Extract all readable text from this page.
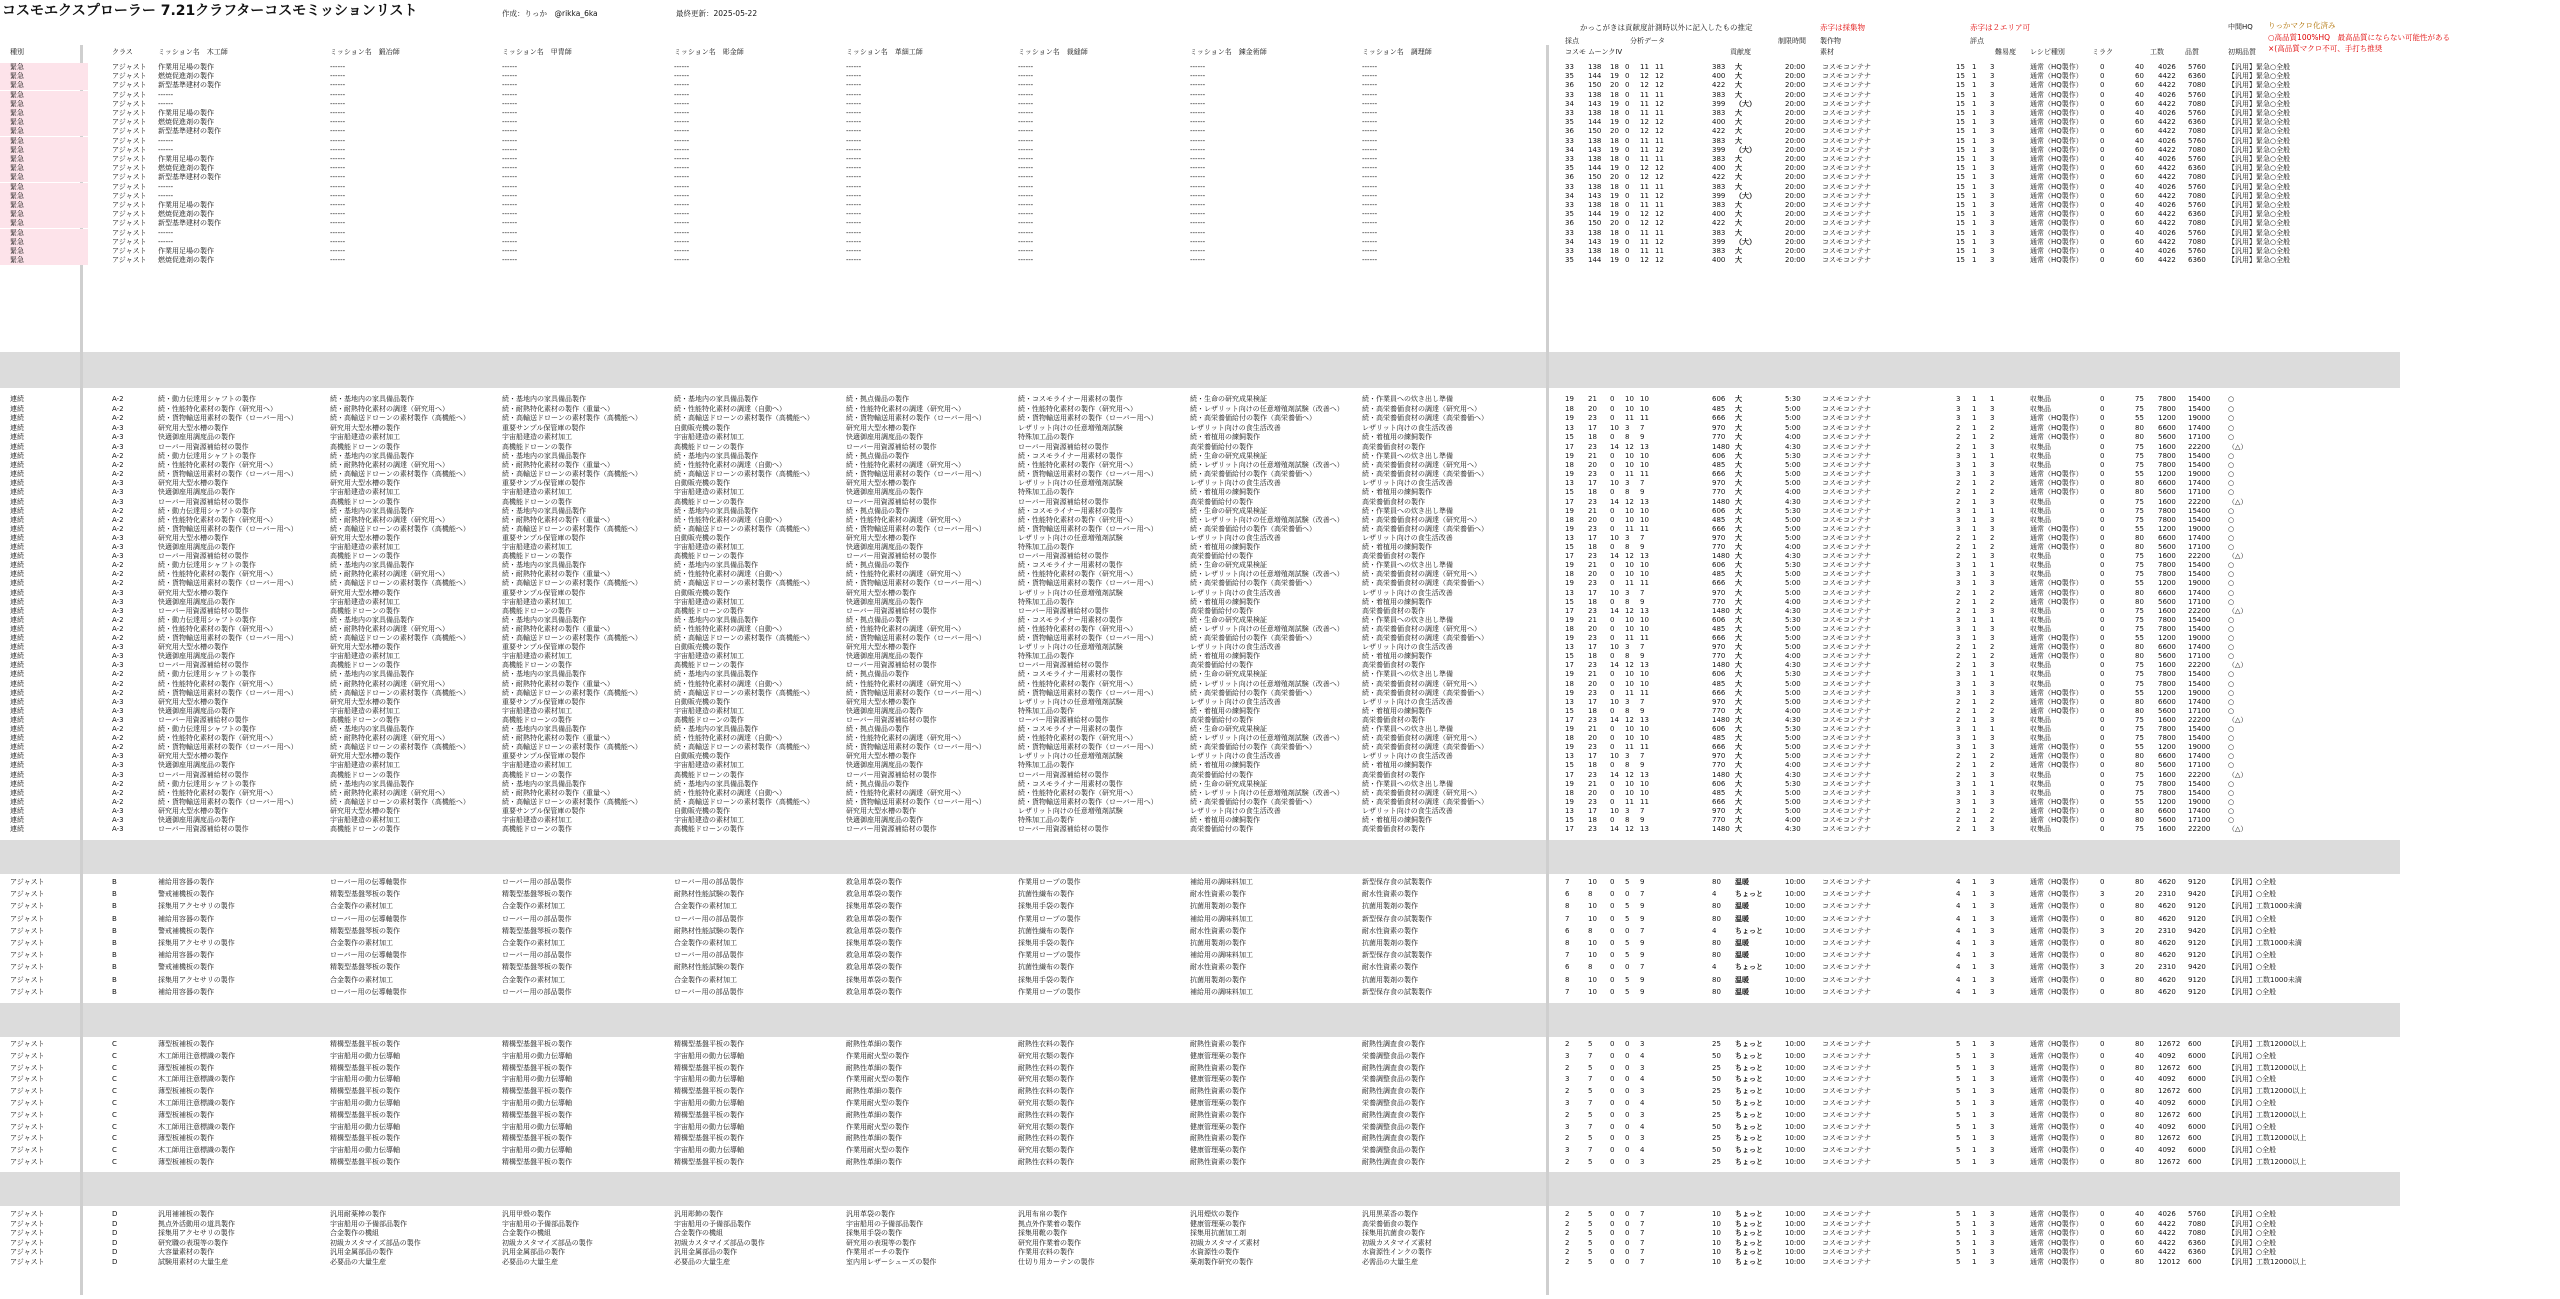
コスモエクスプローラー 7.21クラフターコスモミッションリスト	作成：りっか　@rikka_6ka	最終更新：2025-05-22
かっこがきは貢献度計測時以外に記入したもの推定	赤字は採集物	赤字は２エリア可	りっかマクロ化済み
○高品質100%HQ　最高品質にならない可能性がある
×(高品質マクロ不可、手打ち推奨
種別	クラス	ミッション名　木工師	ミッション名　鍛冶師	ミッション名　甲冑師	ミッション名　彫金師	ミッション名　革細工師	ミッション名　裁縫師	ミッション名　錬金術師	ミッション名　調理師	コスモ ムーンクIV
分析データ
採点
貢献度
制限時間
素材
製作物
難易度
評点
レシピ種別	ミラク	工数	品質
中間HQ
初期品質
緊急	アジャスト 作業用足場の製作	------	------	------	------	------	------	------	33 138 18 0 11 11	383 大	20:00 コスモコンテナ	15 1 3	通常（HQ製作） 0	40 4026 5760	【汎用】緊急○全般
緊急	アジャスト 燃焼促進剤の製作	------	------	------	------	------	------	------	35 144 19 0 12 12	400 大	20:00 コスモコンテナ	15 1 3	通常（HQ製作） 0	60 4422 6360	【汎用】緊急○全般
緊急	アジャスト 新型基準建材の製作	------	------	------	------	------	------	------	36 150 20 0 12 12	422 大	20:00 コスモコンテナ	15 1 3	通常（HQ製作） 0	60 4422 7080	【汎用】緊急○全般
緊急	アジャスト ------	------	------	------	------	------	------	------	33 138 18 0 11 11	383 大	20:00 コスモコンテナ	15 1 3	通常（HQ製作） 0	40 4026 5760	【汎用】緊急○全般
緊急	アジャスト ------	------	------	------	------	------	------	------	34 143 19 0 11 12	399 （大）	20:00 コスモコンテナ	15 1 3	通常（HQ製作） 0	60 4422 7080	【汎用】緊急○全般
緊急	アジャスト 作業用足場の製作	------	------	------	------	------	------	------	33 138 18 0 11 11	383 大	20:00 コスモコンテナ	15 1 3	通常（HQ製作） 0	40 4026 5760	【汎用】緊急○全般
緊急	アジャスト 燃焼促進剤の製作	------	------	------	------	------	------	------	35 144 19 0 12 12	400 大	20:00 コスモコンテナ	15 1 3	通常（HQ製作） 0	60 4422 6360	【汎用】緊急○全般
緊急	アジャスト 新型基準建材の製作	------	------	------	------	------	------	------	36 150 20 0 12 12	422 大	20:00 コスモコンテナ	15 1 3	通常（HQ製作） 0	60 4422 7080	【汎用】緊急○全般
緊急	アジャスト ------	------	------	------	------	------	------	------	33 138 18 0 11 11	383 大	20:00 コスモコンテナ	15 1 3	通常（HQ製作） 0	40 4026 5760	【汎用】緊急○全般
緊急	アジャスト ------	------	------	------	------	------	------	------	34 143 19 0 11 12	399 （大）	20:00 コスモコンテナ	15 1 3	通常（HQ製作） 0	60 4422 7080	【汎用】緊急○全般
緊急	アジャスト 作業用足場の製作	------	------	------	------	------	------	------	33 138 18 0 11 11	383 大	20:00 コスモコンテナ	15 1 3	通常（HQ製作） 0	40 4026 5760	【汎用】緊急○全般
緊急	アジャスト 燃焼促進剤の製作	------	------	------	------	------	------	------	35 144 19 0 12 12	400 大	20:00 コスモコンテナ	15 1 3	通常（HQ製作） 0	60 4422 6360	【汎用】緊急○全般
緊急	アジャスト 新型基準建材の製作	------	------	------	------	------	------	------	36 150 20 0 12 12	422 大	20:00 コスモコンテナ	15 1 3	通常（HQ製作） 0	60 4422 7080	【汎用】緊急○全般
緊急	アジャスト ------	------	------	------	------	------	------	------	33 138 18 0 11 11	383 大	20:00 コスモコンテナ	15 1 3	通常（HQ製作） 0	40 4026 5760	【汎用】緊急○全般
緊急	アジャスト ------	------	------	------	------	------	------	------	34 143 19 0 11 12	399 （大）	20:00 コスモコンテナ	15 1 3	通常（HQ製作） 0	60 4422 7080	【汎用】緊急○全般
緊急	アジャスト 作業用足場の製作	------	------	------	------	------	------	------	33 138 18 0 11 11	383 大	20:00 コスモコンテナ	15 1 3	通常（HQ製作） 0	40 4026 5760	【汎用】緊急○全般
緊急	アジャスト 燃焼促進剤の製作	------	------	------	------	------	------	------	35 144 19 0 12 12	400 大	20:00 コスモコンテナ	15 1 3	通常（HQ製作） 0	60 4422 6360	【汎用】緊急○全般
緊急	アジャスト 新型基準建材の製作	------	------	------	------	------	------	------	36 150 20 0 12 12	422 大	20:00 コスモコンテナ	15 1 3	通常（HQ製作） 0	60 4422 7080	【汎用】緊急○全般
緊急	アジャスト ------	------	------	------	------	------	------	------	33 138 18 0 11 11	383 大	20:00 コスモコンテナ	15 1 3	通常（HQ製作） 0	40 4026 5760	【汎用】緊急○全般
緊急	アジャスト ------	------	------	------	------	------	------	------	34 143 19 0 11 12	399 （大）	20:00 コスモコンテナ	15 1 3	通常（HQ製作） 0	60 4422 7080	【汎用】緊急○全般
緊急	アジャスト 作業用足場の製作	------	------	------	------	------	------	------	33 138 18 0 11 11	383 大	20:00 コスモコンテナ	15 1 3	通常（HQ製作） 0	40 4026 5760	【汎用】緊急○全般
緊急	アジャスト 燃焼促進剤の製作	------	------	------	------	------	------	------	35 144 19 0 12 12	400 大	20:00 コスモコンテナ	15 1 3	通常（HQ製作） 0	60 4422 6360	【汎用】緊急○全般
連続	A-2	続・動力伝達用シャフトの製作	続・基地内の家具備品製作	続・基地内の家具備品製作	続・基地内の家具備品製作	続・拠点備品の製作	続・コスモライナー用素材の製作	続・生命の研究成果検証	続・作業員への炊き出し準備	19 21 0 10 10	606 大	5:30	コスモコンテナ	3 1 1	収集品	0	75 7800 15400	○
連続	A-2	続・性能特化素材の製作（研究用へ）	続・耐熱特化素材の調達（研究用へ）	続・耐熱特化素材の製作（重量へ）	続・性能特化素材の調達（自動へ）	続・性能特化素材の調達（研究用へ）	続・性能特化素材の製作（研究用へ）	続・レザリット向けの任意増殖剤試験（改善へ）	続・高栄養価食材の調達（研究用へ）	18 20 0 10 10	485 大	5:00	コスモコンテナ	3 1 3	収集品	0	75 7800 15400	○
連続	A-2	続・貨物輸送用素材の製作（ローバー用へ）	続・高輸送ドローンの素材製作（高機能へ）	続・高輸送ドローンの素材製作（高機能へ）	続・高輸送ドローンの素材製作（高機能へ）	続・貨物輸送用素材の製作（ローバー用へ）	続・貨物輸送用素材の製作（ローバー用へ）	続・高栄養価給付の製作（高栄養価へ）	続・高栄養価食材の調達（高栄養価へ）	19 23 0 11 11	666 大	5:00	コスモコンテナ	3 1 3	通常（HQ製作） 0	55 1200 19000	○
連続	A-3	研究用大型水槽の製作	研究用大型水槽の製作	重要サンプル保管庫の製作	自動販売機の製作	研究用大型水槽の製作	レザリット向けの任意増殖剤試験	レザリット向けの食生活改善	レザリット向けの食生活改善	13 17 10 3 7	970 大	5:00	コスモコンテナ	2 1 2	通常（HQ製作） 0	80 6600 17400	○
連続	A-3	快適御座用調度品の製作	宇宙船建造の素材加工	宇宙船建造の素材加工	宇宙船建造の素材加工	快適御座用調度品の製作	特殊加工品の製作	続・着植用の練飼製作	続・着植用の練飼製作	15 18 0 8 9	770 大	4:00	コスモコンテナ	2 1 2	通常（HQ製作） 0	80 5600 17100	○
連続	A-3	ローバー用資源補給材の製作	高機能ドローンの製作	高機能ドローンの製作	高機能ドローンの製作	ローバー用資源補給材の製作	ローバー用資源補給材の製作	高栄養価給付の製作	高栄養価食材の製作	17 23 14 12 13	1480 大	4:30	コスモコンテナ	2 1 3	収集品	0	75 1600 22200	（△）
連続	A-2	続・動力伝達用シャフトの製作	続・基地内の家具備品製作	続・基地内の家具備品製作	続・基地内の家具備品製作	続・拠点備品の製作	続・コスモライナー用素材の製作	続・生命の研究成果検証	続・作業員への炊き出し準備	19 21 0 10 10	606 大	5:30	コスモコンテナ	3 1 1	収集品	0	75 7800 15400	○
連続	A-2	続・性能特化素材の製作（研究用へ）	続・耐熱特化素材の調達（研究用へ）	続・耐熱特化素材の製作（重量へ）	続・性能特化素材の調達（自動へ）	続・性能特化素材の調達（研究用へ）	続・性能特化素材の製作（研究用へ）	続・レザリット向けの任意増殖剤試験（改善へ）	続・高栄養価食材の調達（研究用へ）	18 20 0 10 10	485 大	5:00	コスモコンテナ	3 1 3	収集品	0	75 7800 15400	○
連続	A-2	続・貨物輸送用素材の製作（ローバー用へ）	続・高輸送ドローンの素材製作（高機能へ）	続・高輸送ドローンの素材製作（高機能へ）	続・高輸送ドローンの素材製作（高機能へ）	続・貨物輸送用素材の製作（ローバー用へ）	続・貨物輸送用素材の製作（ローバー用へ）	続・高栄養価給付の製作（高栄養価へ）	続・高栄養価食材の調達（高栄養価へ）	19 23 0 11 11	666 大	5:00	コスモコンテナ	3 1 3	通常（HQ製作） 0	55 1200 19000	○
連続	A-3	研究用大型水槽の製作	研究用大型水槽の製作	重要サンプル保管庫の製作	自動販売機の製作	研究用大型水槽の製作	レザリット向けの任意増殖剤試験	レザリット向けの食生活改善	レザリット向けの食生活改善	13 17 10 3 7	970 大	5:00	コスモコンテナ	2 1 2	通常（HQ製作） 0	80 6600 17400	○
連続	A-3	快適御座用調度品の製作	宇宙船建造の素材加工	宇宙船建造の素材加工	宇宙船建造の素材加工	快適御座用調度品の製作	特殊加工品の製作	続・着植用の練飼製作	続・着植用の練飼製作	15 18 0 8 9	770 大	4:00	コスモコンテナ	2 1 2	通常（HQ製作） 0	80 5600 17100	○
連続	A-3	ローバー用資源補給材の製作	高機能ドローンの製作	高機能ドローンの製作	高機能ドローンの製作	ローバー用資源補給材の製作	ローバー用資源補給材の製作	高栄養価給付の製作	高栄養価食材の製作	17 23 14 12 13	1480 大	4:30	コスモコンテナ	2 1 3	収集品	0	75 1600 22200	（△）
連続	A-2	続・動力伝達用シャフトの製作	続・基地内の家具備品製作	続・基地内の家具備品製作	続・基地内の家具備品製作	続・拠点備品の製作	続・コスモライナー用素材の製作	続・生命の研究成果検証	続・作業員への炊き出し準備	19 21 0 10 10	606 大	5:30	コスモコンテナ	3 1 1	収集品	0	75 7800 15400	○
連続	A-2	続・性能特化素材の製作（研究用へ）	続・耐熱特化素材の調達（研究用へ）	続・耐熱特化素材の製作（重量へ）	続・性能特化素材の調達（自動へ）	続・性能特化素材の調達（研究用へ）	続・性能特化素材の製作（研究用へ）	続・レザリット向けの任意増殖剤試験（改善へ）	続・高栄養価食材の調達（研究用へ）	18 20 0 10 10	485 大	5:00	コスモコンテナ	3 1 3	収集品	0	75 7800 15400	○
連続	A-2	続・貨物輸送用素材の製作（ローバー用へ）	続・高輸送ドローンの素材製作（高機能へ）	続・高輸送ドローンの素材製作（高機能へ）	続・高輸送ドローンの素材製作（高機能へ）	続・貨物輸送用素材の製作（ローバー用へ）	続・貨物輸送用素材の製作（ローバー用へ）	続・高栄養価給付の製作（高栄養価へ）	続・高栄養価食材の調達（高栄養価へ）	19 23 0 11 11	666 大	5:00	コスモコンテナ	3 1 3	通常（HQ製作） 0	55 1200 19000	○
連続	A-3	研究用大型水槽の製作	研究用大型水槽の製作	重要サンプル保管庫の製作	自動販売機の製作	研究用大型水槽の製作	レザリット向けの任意増殖剤試験	レザリット向けの食生活改善	レザリット向けの食生活改善	13 17 10 3 7	970 大	5:00	コスモコンテナ	2 1 2	通常（HQ製作） 0	80 6600 17400	○
連続	A-3	快適御座用調度品の製作	宇宙船建造の素材加工	宇宙船建造の素材加工	宇宙船建造の素材加工	快適御座用調度品の製作	特殊加工品の製作	続・着植用の練飼製作	続・着植用の練飼製作	15 18 0 8 9	770 大	4:00	コスモコンテナ	2 1 2	通常（HQ製作） 0	80 5600 17100	○
連続	A-3	ローバー用資源補給材の製作	高機能ドローンの製作	高機能ドローンの製作	高機能ドローンの製作	ローバー用資源補給材の製作	ローバー用資源補給材の製作	高栄養価給付の製作	高栄養価食材の製作	17 23 14 12 13	1480 大	4:30	コスモコンテナ	2 1 3	収集品	0	75 1600 22200	（△）
連続	A-2	続・動力伝達用シャフトの製作	続・基地内の家具備品製作	続・基地内の家具備品製作	続・基地内の家具備品製作	続・拠点備品の製作	続・コスモライナー用素材の製作	続・生命の研究成果検証	続・作業員への炊き出し準備	19 21 0 10 10	606 大	5:30	コスモコンテナ	3 1 1	収集品	0	75 7800 15400	○
連続	A-2	続・性能特化素材の製作（研究用へ）	続・耐熱特化素材の調達（研究用へ）	続・耐熱特化素材の製作（重量へ）	続・性能特化素材の調達（自動へ）	続・性能特化素材の調達（研究用へ）	続・性能特化素材の製作（研究用へ）	続・レザリット向けの任意増殖剤試験（改善へ）	続・高栄養価食材の調達（研究用へ）	18 20 0 10 10	485 大	5:00	コスモコンテナ	3 1 3	収集品	0	75 7800 15400	○
連続	A-2	続・貨物輸送用素材の製作（ローバー用へ）	続・高輸送ドローンの素材製作（高機能へ）	続・高輸送ドローンの素材製作（高機能へ）	続・高輸送ドローンの素材製作（高機能へ）	続・貨物輸送用素材の製作（ローバー用へ）	続・貨物輸送用素材の製作（ローバー用へ）	続・高栄養価給付の製作（高栄養価へ）	続・高栄養価食材の調達（高栄養価へ）	19 23 0 11 11	666 大	5:00	コスモコンテナ	3 1 3	通常（HQ製作） 0	55 1200 19000	○
連続	A-3	研究用大型水槽の製作	研究用大型水槽の製作	重要サンプル保管庫の製作	自動販売機の製作	研究用大型水槽の製作	レザリット向けの任意増殖剤試験	レザリット向けの食生活改善	レザリット向けの食生活改善	13 17 10 3 7	970 大	5:00	コスモコンテナ	2 1 2	通常（HQ製作） 0	80 6600 17400	○
連続	A-3	快適御座用調度品の製作	宇宙船建造の素材加工	宇宙船建造の素材加工	宇宙船建造の素材加工	快適御座用調度品の製作	特殊加工品の製作	続・着植用の練飼製作	続・着植用の練飼製作	15 18 0 8 9	770 大	4:00	コスモコンテナ	2 1 2	通常（HQ製作） 0	80 5600 17100	○
連続	A-3	ローバー用資源補給材の製作	高機能ドローンの製作	高機能ドローンの製作	高機能ドローンの製作	ローバー用資源補給材の製作	ローバー用資源補給材の製作	高栄養価給付の製作	高栄養価食材の製作	17 23 14 12 13	1480 大	4:30	コスモコンテナ	2 1 3	収集品	0	75 1600 22200	（△）
連続	A-2	続・動力伝達用シャフトの製作	続・基地内の家具備品製作	続・基地内の家具備品製作	続・基地内の家具備品製作	続・拠点備品の製作	続・コスモライナー用素材の製作	続・生命の研究成果検証	続・作業員への炊き出し準備	19 21 0 10 10	606 大	5:30	コスモコンテナ	3 1 1	収集品	0	75 7800 15400	○
連続	A-2	続・性能特化素材の製作（研究用へ）	続・耐熱特化素材の調達（研究用へ）	続・耐熱特化素材の製作（重量へ）	続・性能特化素材の調達（自動へ）	続・性能特化素材の調達（研究用へ）	続・性能特化素材の製作（研究用へ）	続・レザリット向けの任意増殖剤試験（改善へ）	続・高栄養価食材の調達（研究用へ）	18 20 0 10 10	485 大	5:00	コスモコンテナ	3 1 3	収集品	0	75 7800 15400	○
連続	A-2	続・貨物輸送用素材の製作（ローバー用へ）	続・高輸送ドローンの素材製作（高機能へ）	続・高輸送ドローンの素材製作（高機能へ）	続・高輸送ドローンの素材製作（高機能へ）	続・貨物輸送用素材の製作（ローバー用へ）	続・貨物輸送用素材の製作（ローバー用へ）	続・高栄養価給付の製作（高栄養価へ）	続・高栄養価食材の調達（高栄養価へ）	19 23 0 11 11	666 大	5:00	コスモコンテナ	3 1 3	通常（HQ製作） 0	55 1200 19000	○
連続	A-3	研究用大型水槽の製作	研究用大型水槽の製作	重要サンプル保管庫の製作	自動販売機の製作	研究用大型水槽の製作	レザリット向けの任意増殖剤試験	レザリット向けの食生活改善	レザリット向けの食生活改善	13 17 10 3 7	970 大	5:00	コスモコンテナ	2 1 2	通常（HQ製作） 0	80 6600 17400	○
連続	A-3	快適御座用調度品の製作	宇宙船建造の素材加工	宇宙船建造の素材加工	宇宙船建造の素材加工	快適御座用調度品の製作	特殊加工品の製作	続・着植用の練飼製作	続・着植用の練飼製作	15 18 0 8 9	770 大	4:00	コスモコンテナ	2 1 2	通常（HQ製作） 0	80 5600 17100	○
連続	A-3	ローバー用資源補給材の製作	高機能ドローンの製作	高機能ドローンの製作	高機能ドローンの製作	ローバー用資源補給材の製作	ローバー用資源補給材の製作	高栄養価給付の製作	高栄養価食材の製作	17 23 14 12 13	1480 大	4:30	コスモコンテナ	2 1 3	収集品	0	75 1600 22200	（△）
連続	A-2	続・動力伝達用シャフトの製作	続・基地内の家具備品製作	続・基地内の家具備品製作	続・基地内の家具備品製作	続・拠点備品の製作	続・コスモライナー用素材の製作	続・生命の研究成果検証	続・作業員への炊き出し準備	19 21 0 10 10	606 大	5:30	コスモコンテナ	3 1 1	収集品	0	75 7800 15400	○
連続	A-2	続・性能特化素材の製作（研究用へ）	続・耐熱特化素材の調達（研究用へ）	続・耐熱特化素材の製作（重量へ）	続・性能特化素材の調達（自動へ）	続・性能特化素材の調達（研究用へ）	続・性能特化素材の製作（研究用へ）	続・レザリット向けの任意増殖剤試験（改善へ）	続・高栄養価食材の調達（研究用へ）	18 20 0 10 10	485 大	5:00	コスモコンテナ	3 1 3	収集品	0	75 7800 15400	○
連続	A-2	続・貨物輸送用素材の製作（ローバー用へ）	続・高輸送ドローンの素材製作（高機能へ）	続・高輸送ドローンの素材製作（高機能へ）	続・高輸送ドローンの素材製作（高機能へ）	続・貨物輸送用素材の製作（ローバー用へ）	続・貨物輸送用素材の製作（ローバー用へ）	続・高栄養価給付の製作（高栄養価へ）	続・高栄養価食材の調達（高栄養価へ）	19 23 0 11 11	666 大	5:00	コスモコンテナ	3 1 3	通常（HQ製作） 0	55 1200 19000	○
連続	A-3	研究用大型水槽の製作	研究用大型水槽の製作	重要サンプル保管庫の製作	自動販売機の製作	研究用大型水槽の製作	レザリット向けの任意増殖剤試験	レザリット向けの食生活改善	レザリット向けの食生活改善	13 17 10 3 7	970 大	5:00	コスモコンテナ	2 1 2	通常（HQ製作） 0	80 6600 17400	○
連続	A-3	快適御座用調度品の製作	宇宙船建造の素材加工	宇宙船建造の素材加工	宇宙船建造の素材加工	快適御座用調度品の製作	特殊加工品の製作	続・着植用の練飼製作	続・着植用の練飼製作	15 18 0 8 9	770 大	4:00	コスモコンテナ	2 1 2	通常（HQ製作） 0	80 5600 17100	○
連続	A-3	ローバー用資源補給材の製作	高機能ドローンの製作	高機能ドローンの製作	高機能ドローンの製作	ローバー用資源補給材の製作	ローバー用資源補給材の製作	高栄養価給付の製作	高栄養価食材の製作	17 23 14 12 13	1480 大	4:30	コスモコンテナ	2 1 3	収集品	0	75 1600 22200	（△）
連続	A-2	続・動力伝達用シャフトの製作	続・基地内の家具備品製作	続・基地内の家具備品製作	続・基地内の家具備品製作	続・拠点備品の製作	続・コスモライナー用素材の製作	続・生命の研究成果検証	続・作業員への炊き出し準備	19 21 0 10 10	606 大	5:30	コスモコンテナ	3 1 1	収集品	0	75 7800 15400	○
連続	A-2	続・性能特化素材の製作（研究用へ）	続・耐熱特化素材の調達（研究用へ）	続・耐熱特化素材の製作（重量へ）	続・性能特化素材の調達（自動へ）	続・性能特化素材の調達（研究用へ）	続・性能特化素材の製作（研究用へ）	続・レザリット向けの任意増殖剤試験（改善へ）	続・高栄養価食材の調達（研究用へ）	18 20 0 10 10	485 大	5:00	コスモコンテナ	3 1 3	収集品	0	75 7800 15400	○
連続	A-2	続・貨物輸送用素材の製作（ローバー用へ）	続・高輸送ドローンの素材製作（高機能へ）	続・高輸送ドローンの素材製作（高機能へ）	続・高輸送ドローンの素材製作（高機能へ）	続・貨物輸送用素材の製作（ローバー用へ）	続・貨物輸送用素材の製作（ローバー用へ）	続・高栄養価給付の製作（高栄養価へ）	続・高栄養価食材の調達（高栄養価へ）	19 23 0 11 11	666 大	5:00	コスモコンテナ	3 1 3	通常（HQ製作） 0	55 1200 19000	○
連続	A-3	研究用大型水槽の製作	研究用大型水槽の製作	重要サンプル保管庫の製作	自動販売機の製作	研究用大型水槽の製作	レザリット向けの任意増殖剤試験	レザリット向けの食生活改善	レザリット向けの食生活改善	13 17 10 3 7	970 大	5:00	コスモコンテナ	2 1 2	通常（HQ製作） 0	80 6600 17400	○
連続	A-3	快適御座用調度品の製作	宇宙船建造の素材加工	宇宙船建造の素材加工	宇宙船建造の素材加工	快適御座用調度品の製作	特殊加工品の製作	続・着植用の練飼製作	続・着植用の練飼製作	15 18 0 8 9	770 大	4:00	コスモコンテナ	2 1 2	通常（HQ製作） 0	80 5600 17100	○
連続	A-3	ローバー用資源補給材の製作	高機能ドローンの製作	高機能ドローンの製作	高機能ドローンの製作	ローバー用資源補給材の製作	ローバー用資源補給材の製作	高栄養価給付の製作	高栄養価食材の製作	17 23 14 12 13	1480 大	4:30	コスモコンテナ	2 1 3	収集品	0	75 1600 22200	（△）
連続	A-2	続・動力伝達用シャフトの製作	続・基地内の家具備品製作	続・基地内の家具備品製作	続・基地内の家具備品製作	続・拠点備品の製作	続・コスモライナー用素材の製作	続・生命の研究成果検証	続・作業員への炊き出し準備	19 21 0 10 10	606 大	5:30	コスモコンテナ	3 1 1	収集品	0	75 7800 15400	○
連続	A-2	続・性能特化素材の製作（研究用へ）	続・耐熱特化素材の調達（研究用へ）	続・耐熱特化素材の製作（重量へ）	続・性能特化素材の調達（自動へ）	続・性能特化素材の調達（研究用へ）	続・性能特化素材の製作（研究用へ）	続・レザリット向けの任意増殖剤試験（改善へ）	続・高栄養価食材の調達（研究用へ）	18 20 0 10 10	485 大	5:00	コスモコンテナ	3 1 3	収集品	0	75 7800 15400	○
連続	A-2	続・貨物輸送用素材の製作（ローバー用へ）	続・高輸送ドローンの素材製作（高機能へ）	続・高輸送ドローンの素材製作（高機能へ）	続・高輸送ドローンの素材製作（高機能へ）	続・貨物輸送用素材の製作（ローバー用へ）	続・貨物輸送用素材の製作（ローバー用へ）	続・高栄養価給付の製作（高栄養価へ）	続・高栄養価食材の調達（高栄養価へ）	19 23 0 11 11	666 大	5:00	コスモコンテナ	3 1 3	通常（HQ製作） 0	55 1200 19000	○
連続	A-3	研究用大型水槽の製作	研究用大型水槽の製作	重要サンプル保管庫の製作	自動販売機の製作	研究用大型水槽の製作	レザリット向けの任意増殖剤試験	レザリット向けの食生活改善	レザリット向けの食生活改善	13 17 10 3 7	970 大	5:00	コスモコンテナ	2 1 2	通常（HQ製作） 0	80 6600 17400	○
連続	A-3	快適御座用調度品の製作	宇宙船建造の素材加工	宇宙船建造の素材加工	宇宙船建造の素材加工	快適御座用調度品の製作	特殊加工品の製作	続・着植用の練飼製作	続・着植用の練飼製作	15 18 0 8 9	770 大	4:00	コスモコンテナ	2 1 2	通常（HQ製作） 0	80 5600 17100	○
連続	A-3	ローバー用資源補給材の製作	高機能ドローンの製作	高機能ドローンの製作	高機能ドローンの製作	ローバー用資源補給材の製作	ローバー用資源補給材の製作	高栄養価給付の製作	高栄養価食材の製作	17 23 14 12 13	1480 大	4:30	コスモコンテナ	2 1 3	収集品	0	75 1600 22200	（△）
アジャスト	B	補給用容器の製作	ローバー用の伝導軸製作	ローバー用の部品製作	ローバー用の部品製作	救急用革袋の製作	作業用ロープの製作	補給用の調味料加工	新型保存食の試製製作	7	10 0 5 9	80 温暖	10:00 コスモコンテナ	4 1 3	通常（HQ製作） 0	80 4620 9120	【汎用】○全般
アジャスト	B	警戒補機板の製作	精製型基盤琴板の製作	精製型基盤琴板の製作	耐熱材性能試験の製作	救急用革袋の製作	抗菌性繊布の製作	耐水性資素の製作	耐水性資素の製作	6	8	0 0 7	4	ちょっと	10:00 コスモコンテナ	4 1 3	通常（HQ製作） 3	20 2310 9420	【汎用】○全般
アジャスト	B	採集用アクセサリの製作	合金製作の素材加工	合金製作の素材加工	合金製作の素材加工	採集用革袋の製作	採集用手袋の製作	抗菌用製剤の製作	抗菌用製剤の製作	8	10 0 5 9	80 温暖	10:00 コスモコンテナ	4 1 3	通常（HQ製作） 0	80 4620 9120	【汎用】工数1000未満
アジャスト	B	補給用容器の製作	ローバー用の伝導軸製作	ローバー用の部品製作	ローバー用の部品製作	救急用革袋の製作	作業用ロープの製作	補給用の調味料加工	新型保存食の試製製作	7	10 0 5 9	80 温暖	10:00 コスモコンテナ	4 1 3	通常（HQ製作） 0	80 4620 9120	【汎用】○全般
アジャスト	B	警戒補機板の製作	精製型基盤琴板の製作	精製型基盤琴板の製作	耐熱材性能試験の製作	救急用革袋の製作	抗菌性繊布の製作	耐水性資素の製作	耐水性資素の製作	6	8	0 0 7	4	ちょっと	10:00 コスモコンテナ	4 1 3	通常（HQ製作） 3	20 2310 9420	【汎用】○全般
アジャスト	B	採集用アクセサリの製作	合金製作の素材加工	合金製作の素材加工	合金製作の素材加工	採集用革袋の製作	採集用手袋の製作	抗菌用製剤の製作	抗菌用製剤の製作	8	10 0 5 9	80 温暖	10:00 コスモコンテナ	4 1 3	通常（HQ製作） 0	80 4620 9120	【汎用】工数1000未満
アジャスト	B	補給用容器の製作	ローバー用の伝導軸製作	ローバー用の部品製作	ローバー用の部品製作	救急用革袋の製作	作業用ロープの製作	補給用の調味料加工	新型保存食の試製製作	7	10 0 5 9	80 温暖	10:00 コスモコンテナ	4 1 3	通常（HQ製作） 0	80 4620 9120	【汎用】○全般
アジャスト	B	警戒補機板の製作	精製型基盤琴板の製作	精製型基盤琴板の製作	耐熱材性能試験の製作	救急用革袋の製作	抗菌性繊布の製作	耐水性資素の製作	耐水性資素の製作	6	8	0 0 7	4	ちょっと	10:00 コスモコンテナ	4 1 3	通常（HQ製作） 3	20 2310 9420	【汎用】○全般
アジャスト	B	採集用アクセサリの製作	合金製作の素材加工	合金製作の素材加工	合金製作の素材加工	採集用革袋の製作	採集用手袋の製作	抗菌用製剤の製作	抗菌用製剤の製作	8	10 0 5 9	80 温暖	10:00 コスモコンテナ	4 1 3	通常（HQ製作） 0	80 4620 9120	【汎用】工数1000未満
アジャスト	B	補給用容器の製作	ローバー用の伝導軸製作	ローバー用の部品製作	ローバー用の部品製作	救急用革袋の製作	作業用ロープの製作	補給用の調味料加工	新型保存食の試製製作	7	10 0 5 9	80 温暖	10:00 コスモコンテナ	4 1 3	通常（HQ製作） 0	80 4620 9120	【汎用】○全般
アジャスト	C	薄型板補板の製作	精構型基盤平板の製作	精構型基盤平板の製作	精構型基盤平板の製作	耐熱性革細の製作	耐熱性衣料の製作	耐熱性資素の製作	耐熱性調査食の製作	2	5	0 0 3	25 ちょっと	10:00 コスモコンテナ	5 1 3	通常（HQ製作） 0	80 12672 600	【汎用】工数12000以上
アジャスト	C	木工師用注意標識の製作	宇宙船用の動力伝導軸	宇宙船用の動力伝導軸	宇宙船用の動力伝導軸	作業用耐火型の製作	研究用衣類の製作	健康管理薬の製作	栄養調整食品の製作	3	7	0 0 4	50 ちょっと	10:00 コスモコンテナ	5 1 3	通常（HQ製作） 0	40 4092 6000	【汎用】○全般
アジャスト	C	薄型板補板の製作	精構型基盤平板の製作	精構型基盤平板の製作	精構型基盤平板の製作	耐熱性革細の製作	耐熱性衣料の製作	耐熱性資素の製作	耐熱性調査食の製作	2	5	0 0 3	25 ちょっと	10:00 コスモコンテナ	5 1 3	通常（HQ製作） 0	80 12672 600	【汎用】工数12000以上
アジャスト	C	木工師用注意標識の製作	宇宙船用の動力伝導軸	宇宙船用の動力伝導軸	宇宙船用の動力伝導軸	作業用耐火型の製作	研究用衣類の製作	健康管理薬の製作	栄養調整食品の製作	3	7	0 0 4	50 ちょっと	10:00 コスモコンテナ	5 1 3	通常（HQ製作） 0	40 4092 6000	【汎用】○全般
アジャスト	C	薄型板補板の製作	精構型基盤平板の製作	精構型基盤平板の製作	精構型基盤平板の製作	耐熱性革細の製作	耐熱性衣料の製作	耐熱性資素の製作	耐熱性調査食の製作	2	5	0 0 3	25 ちょっと	10:00 コスモコンテナ	5 1 3	通常（HQ製作） 0	80 12672 600	【汎用】工数12000以上
アジャスト	C	木工師用注意標識の製作	宇宙船用の動力伝導軸	宇宙船用の動力伝導軸	宇宙船用の動力伝導軸	作業用耐火型の製作	研究用衣類の製作	健康管理薬の製作	栄養調整食品の製作	3	7	0 0 4	50 ちょっと	10:00 コスモコンテナ	5 1 3	通常（HQ製作） 0	40 4092 6000	【汎用】○全般
アジャスト	C	薄型板補板の製作	精構型基盤平板の製作	精構型基盤平板の製作	精構型基盤平板の製作	耐熱性革細の製作	耐熱性衣料の製作	耐熱性資素の製作	耐熱性調査食の製作	2	5	0 0 3	25 ちょっと	10:00 コスモコンテナ	5 1 3	通常（HQ製作） 0	80 12672 600	【汎用】工数12000以上
アジャスト	C	木工師用注意標識の製作	宇宙船用の動力伝導軸	宇宙船用の動力伝導軸	宇宙船用の動力伝導軸	作業用耐火型の製作	研究用衣類の製作	健康管理薬の製作	栄養調整食品の製作	3	7	0 0 4	50 ちょっと	10:00 コスモコンテナ	5 1 3	通常（HQ製作） 0	40 4092 6000	【汎用】○全般
アジャスト	C	薄型板補板の製作	精構型基盤平板の製作	精構型基盤平板の製作	精構型基盤平板の製作	耐熱性革細の製作	耐熱性衣料の製作	耐熱性資素の製作	耐熱性調査食の製作	2	5	0 0 3	25 ちょっと	10:00 コスモコンテナ	5 1 3	通常（HQ製作） 0	80 12672 600	【汎用】工数12000以上
アジャスト	C	木工師用注意標識の製作	宇宙船用の動力伝導軸	宇宙船用の動力伝導軸	宇宙船用の動力伝導軸	作業用耐火型の製作	研究用衣類の製作	健康管理薬の製作	栄養調整食品の製作	3	7	0 0 4	50 ちょっと	10:00 コスモコンテナ	5 1 3	通常（HQ製作） 0	40 4092 6000	【汎用】○全般
アジャスト	C	薄型板補板の製作	精構型基盤平板の製作	精構型基盤平板の製作	精構型基盤平板の製作	耐熱性革細の製作	耐熱性衣料の製作	耐熱性資素の製作	耐熱性調査食の製作	2	5	0 0 3	25 ちょっと	10:00 コスモコンテナ	5 1 3	通常（HQ製作） 0	80 12672 600	【汎用】工数12000以上
アジャスト	D	汎用補補板の製作	汎用耐薬棒の製作	汎用甲殻の製作	汎用彫飾の製作	汎用革袋の製作	汎用布帛の製作	汎用煙炊の製作	汎用黒菜香の製作	2	5	0 0 7	10 ちょっと	10:00 コスモコンテナ	5 1 3	通常（HQ製作） 0	40 4026 5760	【汎用】○全般
アジャスト	D	拠点外活動用の道具製作	宇宙船用の予備部品製作	宇宙船用の予備部品製作	宇宙船用の予備部品製作	宇宙船用の予備部品製作	拠点外作業着の製作	健康管理薬の製作	高栄養価食の製作	2	5	0 0 7	10 ちょっと	10:00 コスモコンテナ	5 1 3	通常（HQ製作） 0	60 4422 7080	【汎用】○全般
アジャスト	D	採集用アクセサリの製作	合金製作の機組	合金製作の機組	合金製作の機組	採集用手袋の製作	採集用靴の製作	採集用抗菌加工剤	採集用抗菌食の製作	2	5	0 0 7	10 ちょっと	10:00 コスモコンテナ	5 1 3	通常（HQ製作） 0	60 4422 7080	【汎用】○全般
アジャスト	D	研究職の表現等の製作	初級カスタマイズ部品の製作	初級カスタマイズ部品の製作	初級カスタマイズ部品の製作	研究用の表現等の製作	研究用作業着の製作	初級カスタマイズ素材	初級カスタマイズ素材	2	5	0 0 7	10 ちょっと	10:00 コスモコンテナ	5 1 3	通常（HQ製作） 0	60 4422 6360	【汎用】○全般
アジャスト	D	大容量素材の製作	汎用金属部品の製作	汎用金属部品の製作	汎用金属部品の製作	作業用ポーチの製作	作業用衣料の製作	水資源性の製作	水資源性インクの製作	2	5	0 0 7	10 ちょっと	10:00 コスモコンテナ	5 1 3	通常（HQ製作） 0	60 4422 6360	【汎用】○全般
アジャスト	D	試験用素材の大量生産	必要品の大量生産	必要品の大量生産	必要品の大量生産	室内用レザーシューズの製作	仕切り用カーテンの製作	薬剤製作研究の製作	必需品の大量生産	2	5	0 0 7	10 ちょっと	10:00 コスモコンテナ	5 1 3	通常（HQ製作） 0	80 12012 600	【汎用】工数12000以上
